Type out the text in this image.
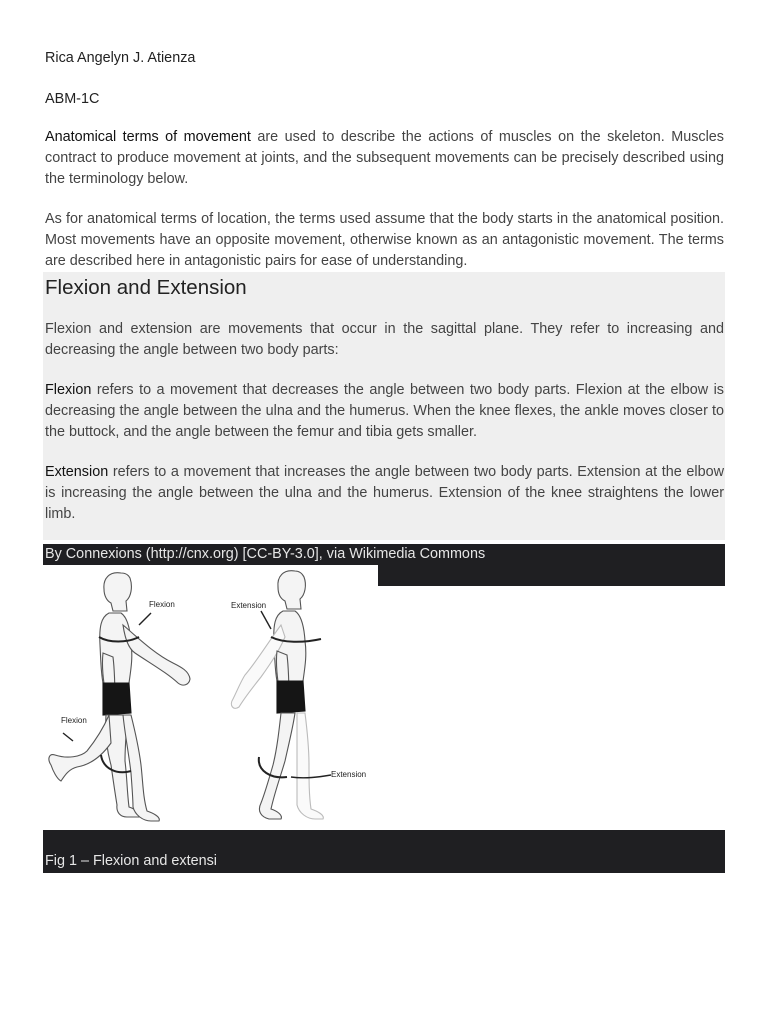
Rica Angelyn J. Atienza

ABM-1C

Anatomical terms of movement are used to describe the actions of muscles on the skeleton. Muscles contract to produce movement at joints, and the subsequent movements can be precisely described using the terminology below.

As for anatomical terms of location, the terms used assume that the body starts in the anatomical position. Most movements have an opposite movement, otherwise known as an antagonistic movement. The terms are described here in antagonistic pairs for ease of understanding.

Flexion and Extension

Flexion and extension are movements that occur in the sagittal plane. They refer to increasing and decreasing the angle between two body parts:

Flexion refers to a movement that decreases the angle between two body parts. Flexion at the elbow is decreasing the angle between the ulna and the humerus. When the knee flexes, the ankle moves closer to the buttock, and the angle between the femur and tibia gets smaller.

Extension refers to a movement that increases the angle between two body parts. Extension at the elbow is increasing the angle between the ulna and the humerus. Extension of the knee straightens the lower limb.

By Connexions (http://cnx.org) [CC-BY-3.0], via Wikimedia Commons
Flexion
Flexion
Extension
Extension
Fig 1 – Flexion and extensi
